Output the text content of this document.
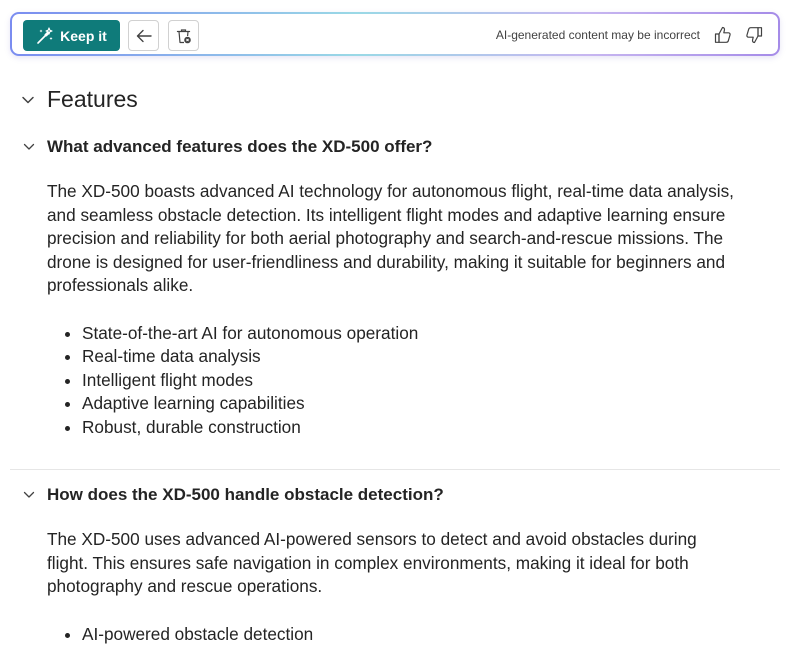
Keep it	AI-generated content may be incorrect
Features
What advanced features does the XD-500 offer?

The XD-500 boasts advanced AI technology for autonomous flight, real-time data analysis, and seamless obstacle detection. Its intelligent flight modes and adaptive learning ensure precision and reliability for both aerial photography and search-and-rescue missions. The drone is designed for user-friendliness and durability, making it suitable for beginners and professionals alike.

• State-of-the-art AI for autonomous operation
• Real-time data analysis
• Intelligent flight modes
• Adaptive learning capabilities
• Robust, durable construction
How does the XD-500 handle obstacle detection?

The XD-500 uses advanced AI-powered sensors to detect and avoid obstacles during flight. This ensures safe navigation in complex environments, making it ideal for both photography and rescue operations.

• AI-powered obstacle detection
